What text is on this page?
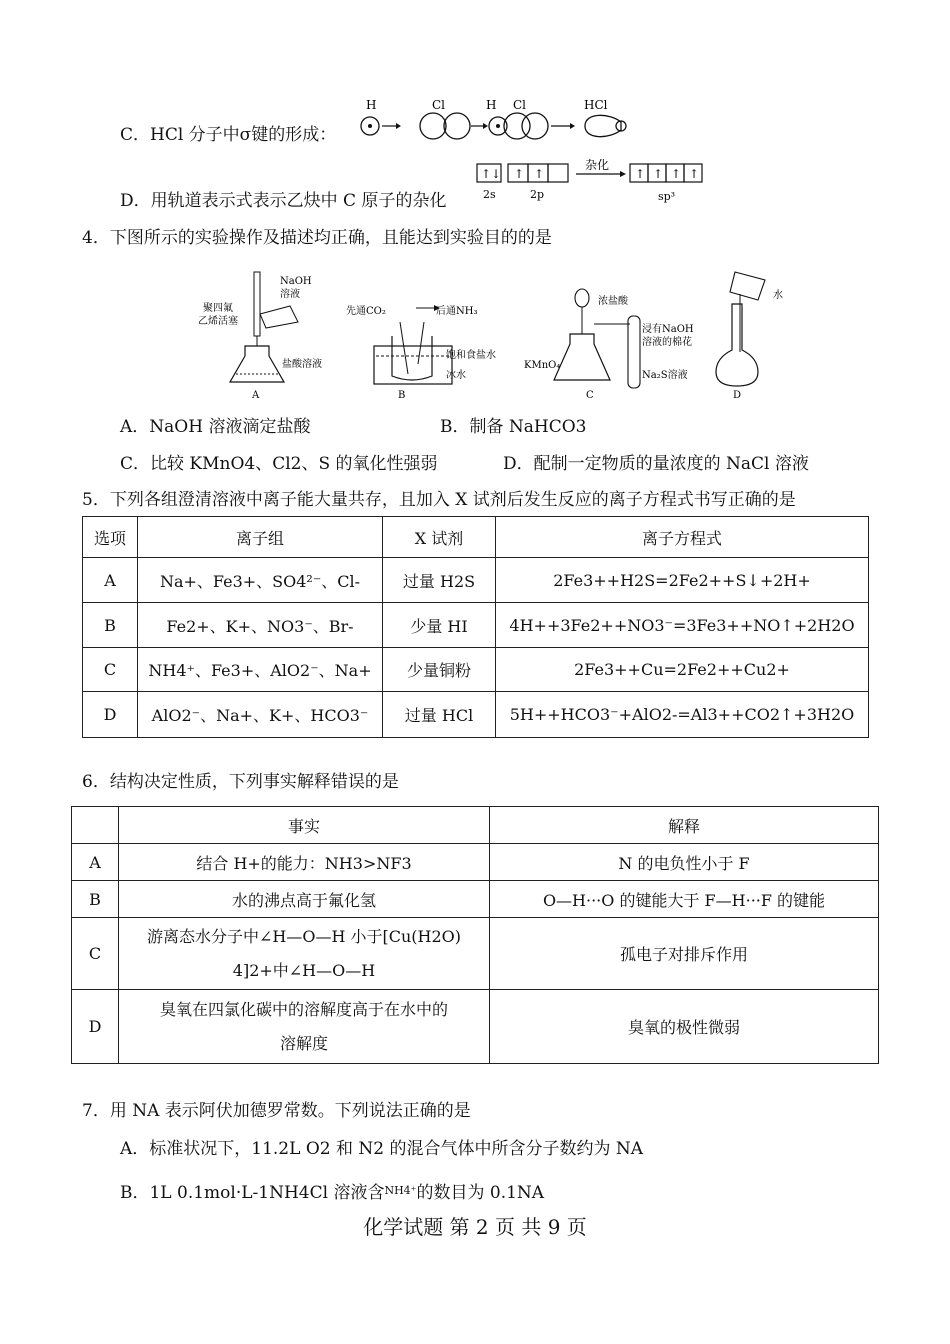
C．HCl 分子中σ键的形成：
H	Cl	H Cl	HCl
D．用轨道表示式表示乙炔中 C 原子的杂化
↑↓ ↑ ↑
2s	2p
杂化
↑ ↑ ↑ ↑
sp³
4．下图所示的实验操作及描述均正确，且能达到实验目的的是
NaOH
溶液
聚四氟
乙烯活塞
盐酸溶液
A
先通CO₂	后通NH₃
饱和食盐水
冰水
B
浓盐酸
浸有NaOH
溶液的棉花
KMnO₄
Na₂S溶液
C
水
D
A．NaOH 溶液滴定盐酸	B．制备 NaHCO3
C．比较 KMnO4、Cl2、S 的氧化性强弱	D．配制一定物质的量浓度的 NaCl 溶液
5．下列各组澄清溶液中离子能大量共存，且加入 X 试剂后发生反应的离子方程式书写正确的是
选项	离子组	X 试剂	离子方程式
A	Na+、Fe3+、SO4²⁻、Cl-	过量 H2S	2Fe3++H2S=2Fe2++S↓+2H+
B	Fe2+、K+、NO3⁻、Br-	少量 HI	4H++3Fe2++NO3⁻=3Fe3++NO↑+2H2O
C	NH4⁺、Fe3+、AlO2⁻、Na+	少量铜粉	2Fe3++Cu=2Fe2++Cu2+
D	AlO2⁻、Na+、K+、HCO3⁻	过量 HCl	5H++HCO3⁻+AlO2-=Al3++CO2↑+3H2O
6．结构决定性质，下列事实解释错误的是
	事实	解释
A	结合 H+的能力：NH3>NF3	N 的电负性小于 F
B	水的沸点高于氟化氢	O—H···O 的键能大于 F—H···F 的键能
C	游离态水分子中∠H—O—H 小于[Cu(H2O)
4]2+中∠H—O—H	孤电子对排斥作用
D	臭氧在四氯化碳中的溶解度高于在水中的
溶解度	臭氧的极性微弱
7．用 NA 表示阿伏加德罗常数。下列说法正确的是
A．标准状况下，11.2L O2 和 N2 的混合气体中所含分子数约为 NA
B．1L 0.1mol·L-1NH4Cl 溶液含$^{NH4^+}$的数目为 0.1NA
化学试题 第 2 页 共 9 页
